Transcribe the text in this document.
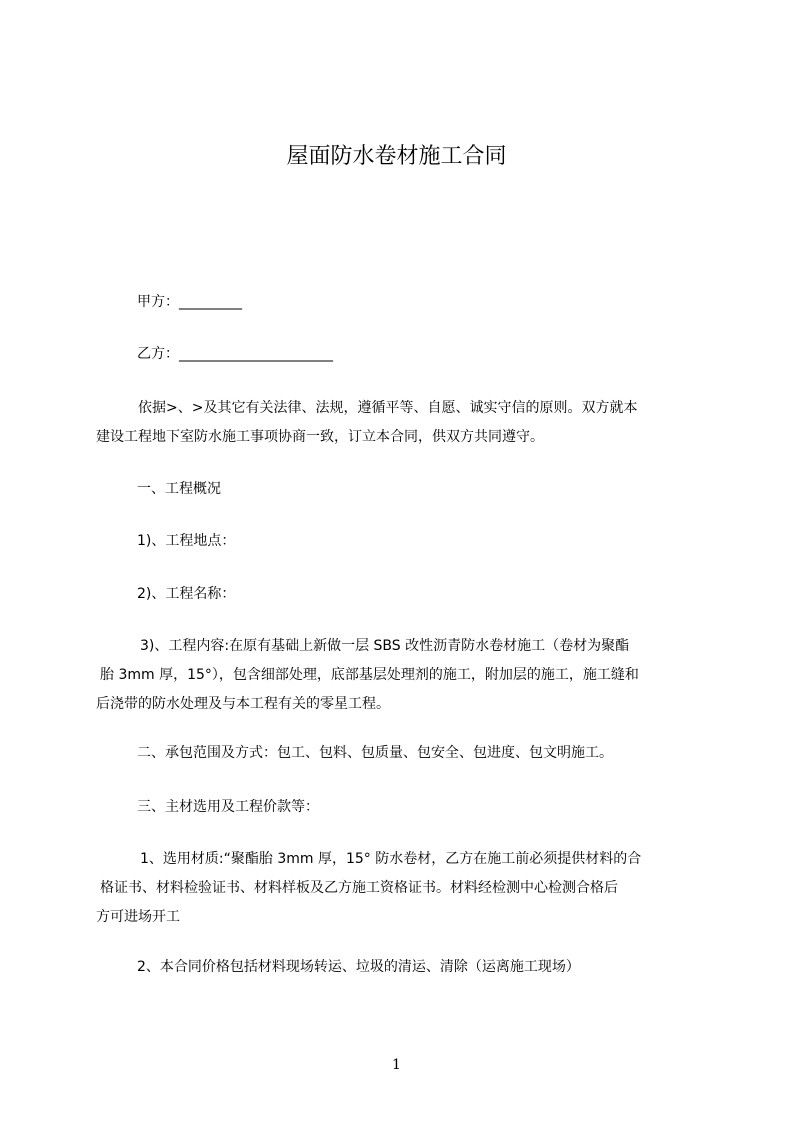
屋面防水卷材施工合同

甲方：_________

乙方：______________________

依据>、>及其它有关法律、法规，遵循平等、自愿、诚实守信的原则。双方就本
建设工程地下室防水施工事项协商一致，订立本合同，供双方共同遵守。

一、工程概况

1)、工程地点：

2)、工程名称：

3)、工程内容:在原有基础上新做一层 SBS 改性沥青防水卷材施工（卷材为聚酯
胎 3mm 厚，15°），包含细部处理，底部基层处理剂的施工，附加层的施工，施工缝和
后浇带的防水处理及与本工程有关的零星工程。

二、承包范围及方式：包工、包料、包质量、包安全、包进度、包文明施工。

三、主材选用及工程价款等：

1、选用材质:“聚酯胎 3mm 厚，15° 防水卷材，乙方在施工前必须提供材料的合
格证书、材料检验证书、材料样板及乙方施工资格证书。材料经检测中心检测合格后
方可进场开工

2、本合同价格包括材料现场转运、垃圾的清运、清除（运离施工现场）

1
